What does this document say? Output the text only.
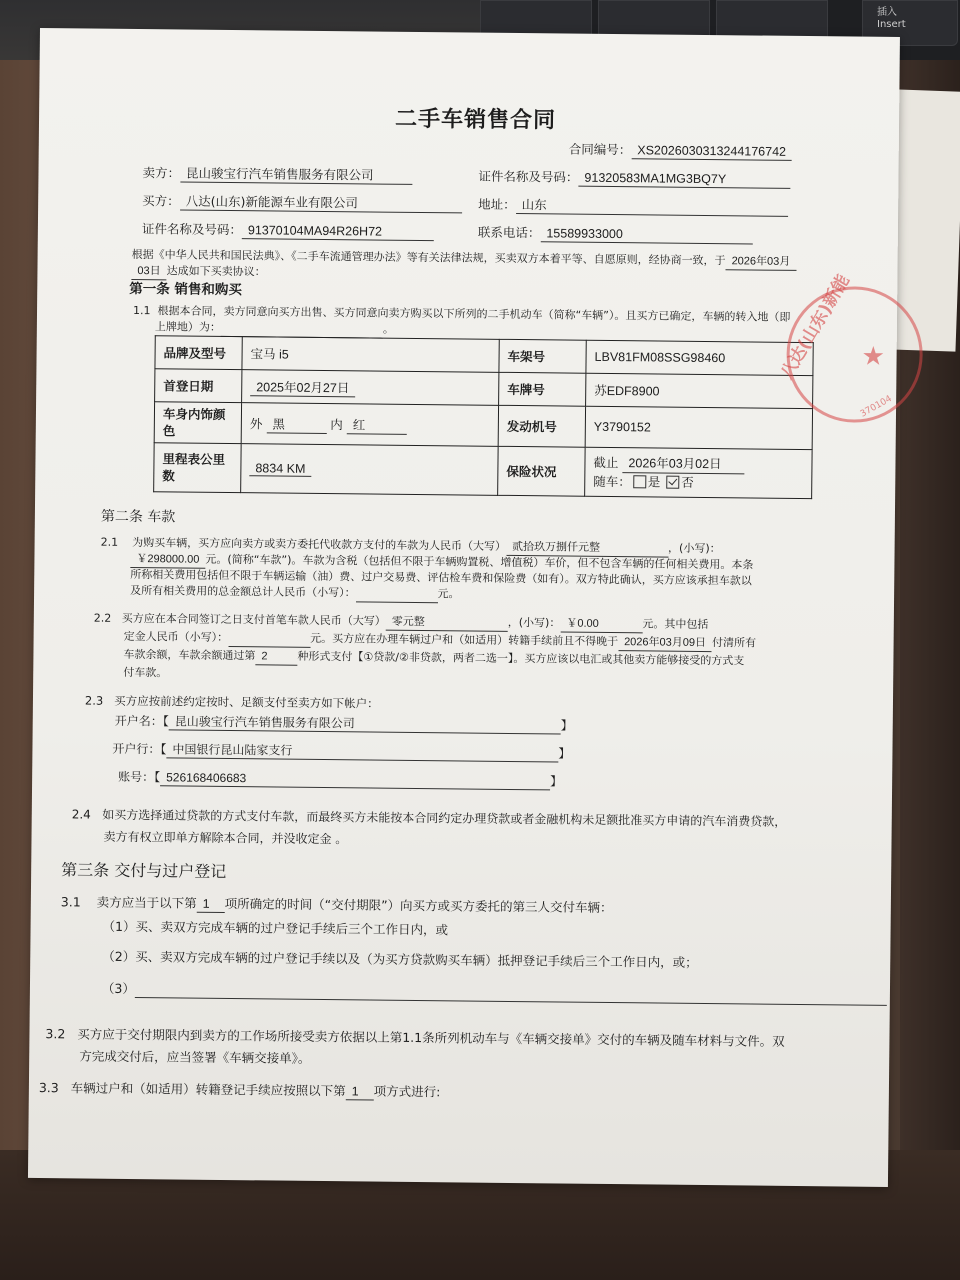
插入
Insert
二手车销售合同
合同编号： XS2026030313244176742
卖方： 昆山骏宝行汽车销售服务有限公司	证件名称及号码： 91320583MA1MG3BQ7Y
买方： 八达(山东)新能源车业有限公司	地址： 山东
证件名称及号码： 91370104MA94R26H72	联系电话： 15589933000
根据《中华人民共和国民法典》、《二手车流通管理办法》等有关法律法规，买卖双方本着平等、自愿原则，经协商一致，于 2026年03月
03日 达成如下买卖协议：
第一条 销售和购买
1.1 根据本合同，卖方同意向买方出售、买方同意向卖方购买以下所列的二手机动车（简称“车辆”）。且买方已确定，车辆的转入地（即
上牌地）为：	。
品牌及型号	宝马 i5	车架号	LBV81FM08SSG98460
首登日期	2025年02月27日	车牌号	苏EDF8900
车身内饰颜色	外 黑 内 红	发动机号	Y3790152
里程表公里数	8834 KM	保险状况	截止 2026年03月02日
随车： 是 否
第二条 车款
2.1 为购买车辆，买方应向卖方或卖方委托代收款方支付的车款为人民币（大写） 贰拾玖万捌仟元整	，(小写)：
￥298000.00 元。(简称“车款”)。车款为含税（包括但不限于车辆购置税、增值税）车价，但不包含车辆的任何相关费用。本条
所称相关费用包括但不限于车辆运输（油）费、过户交易费、评估检车费和保险费（如有）。双方特此确认，买方应该承担车款以
及所有相关费用的总金额总计人民币（小写）：	元。
2.2 买方应在本合同签订之日支付首笔车款人民币（大写） 零元整	，(小写)： ￥0.00	元。其中包括
定金人民币（小写）：	元。买方应在办理车辆过户和（如适用）转籍手续前且不得晚于 2026年03月09日 付清所有
车款余额，车款余额通过第 2	种形式支付【①贷款/②非贷款，两者二选一】。买方应该以电汇或其他卖方能够接受的方式支
付车款。
2.3 买方应按前述约定按时、足额支付至卖方如下帐户：
开户名：【 昆山骏宝行汽车销售服务有限公司	】
开户行：【 中国银行昆山陆家支行	】
账号：【 526168406683	】
2.4 如买方选择通过贷款的方式支付车款，而最终买方未能按本合同约定办理贷款或者金融机构未足额批准买方申请的汽车消费贷款，
卖方有权立即单方解除本合同，并没收定金 。
第三条 交付与过户登记
3.1 卖方应当于以下第 1 项所确定的时间（“交付期限”）向买方或买方委托的第三人交付车辆：
（1）买、卖双方完成车辆的过户登记手续后三个工作日内，或
（2）买、卖双方完成车辆的过户登记手续以及（为买方贷款购买车辆）抵押登记手续后三个工作日内，或；
（3）
3.2 买方应于交付期限内到卖方的工作场所接受卖方依据以上第1.1条所列机动车与《车辆交接单》交付的车辆及随车材料与文件。双
方完成交付后，应当签署《车辆交接单》。
3.3 车辆过户和（如适用）转籍登记手续应按照以下第 1 项方式进行:
八达(山东)新能 ★
370104
